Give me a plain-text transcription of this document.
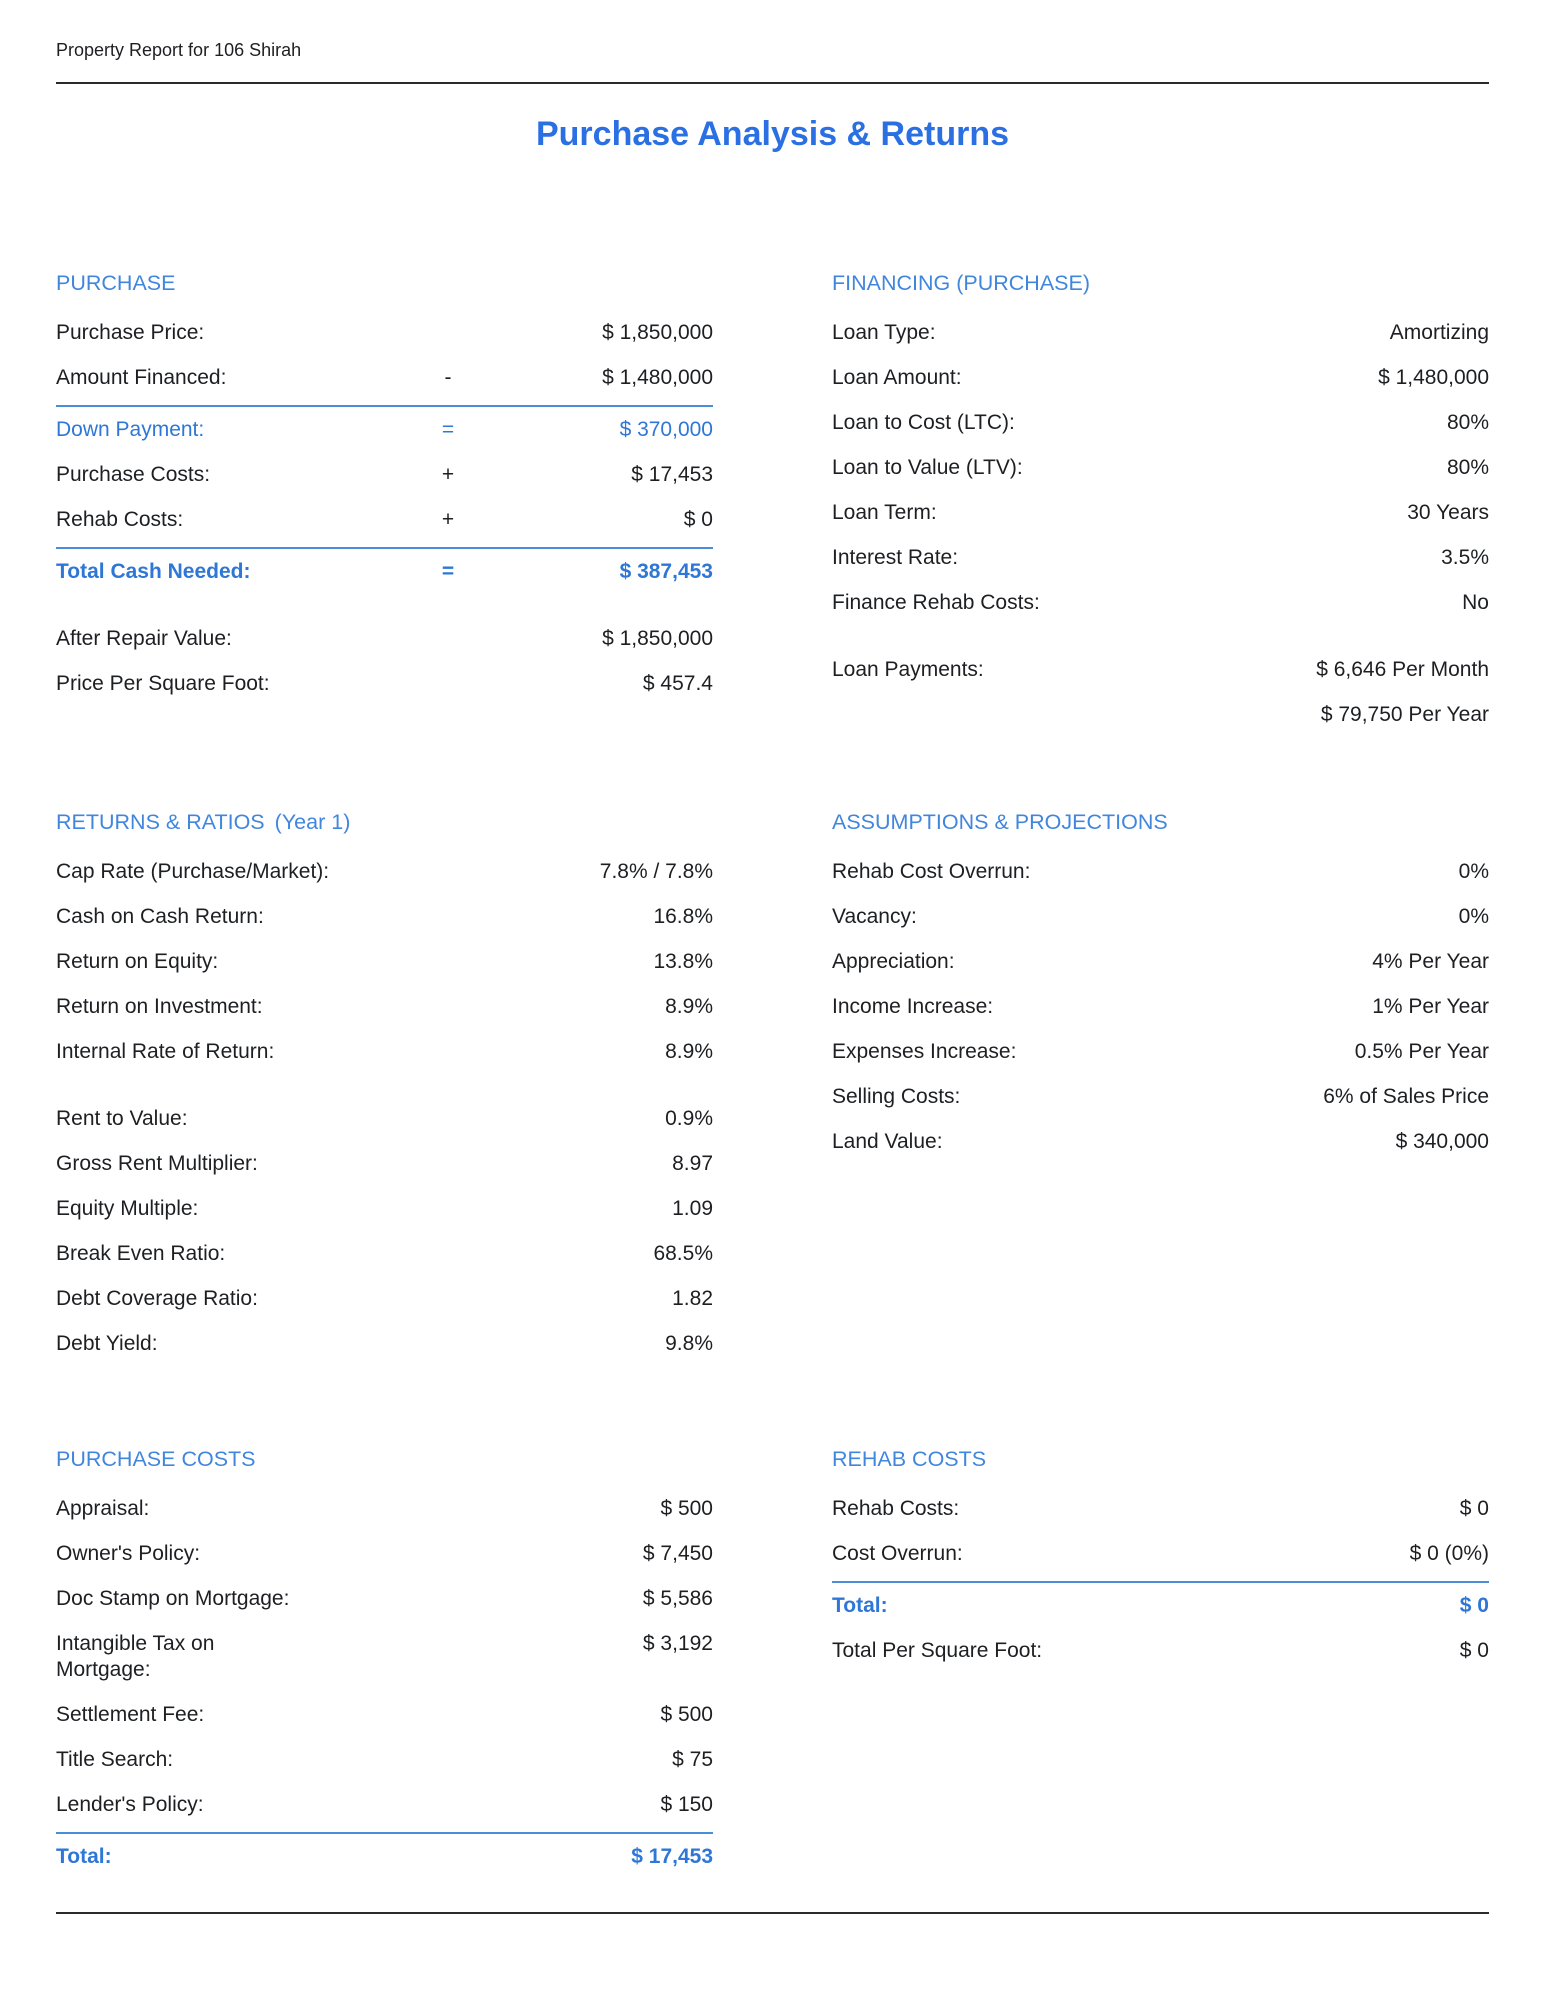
Property Report for 106 Shirah
Purchase Analysis & Returns
PURCHASE
Purchase Price:	$ 1,850,000
Amount Financed:	-	$ 1,480,000
Down Payment:	=	$ 370,000
Purchase Costs:	+	$ 17,453
Rehab Costs:	+	$ 0
Total Cash Needed:	=	$ 387,453
After Repair Value:	$ 1,850,000
Price Per Square Foot:	$ 457.4
FINANCING (PURCHASE)
Loan Type:	Amortizing
Loan Amount:	$ 1,480,000
Loan to Cost (LTC):	80%
Loan to Value (LTV):	80%
Loan Term:	30 Years
Interest Rate:	3.5%
Finance Rehab Costs:	No
Loan Payments:	$ 6,646 Per Month
$ 79,750 Per Year
RETURNS & RATIOS (Year 1)
Cap Rate (Purchase/Market):	7.8% / 7.8%
Cash on Cash Return:	16.8%
Return on Equity:	13.8%
Return on Investment:	8.9%
Internal Rate of Return:	8.9%
Rent to Value:	0.9%
Gross Rent Multiplier:	8.97
Equity Multiple:	1.09
Break Even Ratio:	68.5%
Debt Coverage Ratio:	1.82
Debt Yield:	9.8%
ASSUMPTIONS & PROJECTIONS
Rehab Cost Overrun:	0%
Vacancy:	0%
Appreciation:	4% Per Year
Income Increase:	1% Per Year
Expenses Increase:	0.5% Per Year
Selling Costs:	6% of Sales Price
Land Value:	$ 340,000
PURCHASE COSTS
Appraisal:	$ 500
Owner's Policy:	$ 7,450
Doc Stamp on Mortgage:	$ 5,586
Intangible Tax on Mortgage:
$ 3,192
Settlement Fee:	$ 500
Title Search:	$ 75
Lender's Policy:	$ 150
Total:	$ 17,453
REHAB COSTS
Rehab Costs:	$ 0
Cost Overrun:	$ 0 (0%)
Total:	$ 0
Total Per Square Foot:	$ 0
